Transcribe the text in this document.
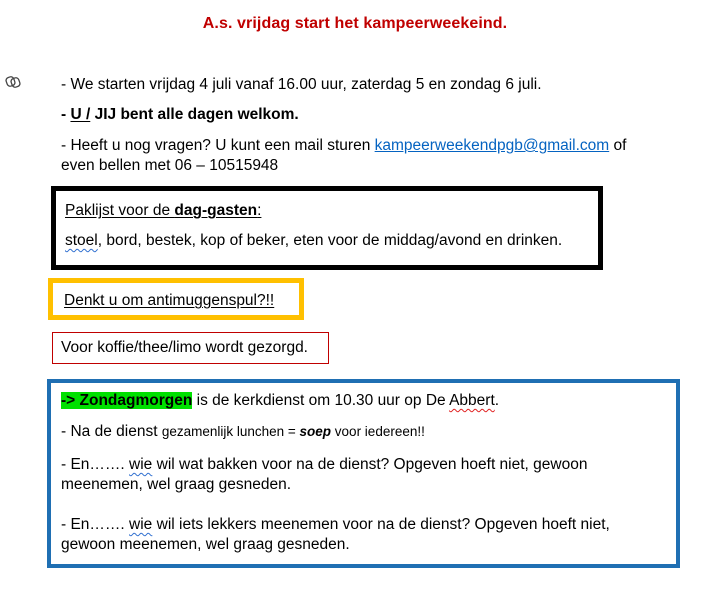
A.s. vrijdag start het kampeerweekeind.
- We starten vrijdag 4 juli vanaf 16.00 uur, zaterdag 5 en zondag 6 juli.
- U / JIJ bent alle dagen welkom.
- Heeft u nog vragen? U kunt een mail sturen kampeerweekendpgb@gmail.com of
even bellen met 06 – 10515948
Paklijst voor de dag-gasten:
stoel, bord, bestek, kop of beker, eten voor de middag/avond en drinken.
Denkt u om antimuggenspul?!!
Voor koffie/thee/limo wordt gezorgd.
-> Zondagmorgen is de kerkdienst om 10.30 uur op De Abbert.
- Na de dienst gezamenlijk lunchen = soep voor iedereen!!
- En……. wie wil wat bakken voor na de dienst? Opgeven hoeft niet, gewoon
meenemen, wel graag gesneden.
- En……. wie wil iets lekkers meenemen voor na de dienst? Opgeven hoeft niet,
gewoon meenemen, wel graag gesneden.
